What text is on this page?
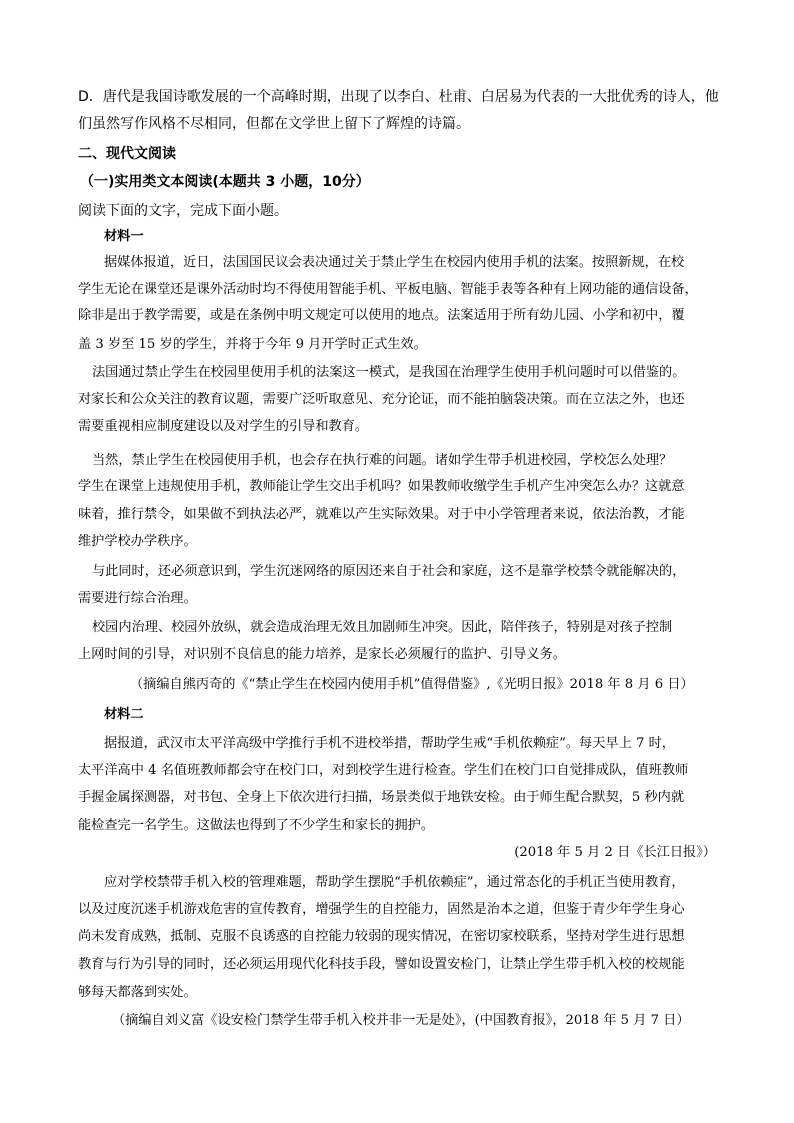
D．唐代是我国诗歌发展的一个高峰时期，出现了以李白、杜甫、白居易为代表的一大批优秀的诗人，他
们虽然写作风格不尽相同，但都在文学世上留下了辉煌的诗篇。
二、现代文阅读
（一)实用类文本阅读(本题共 3 小题，10分）
阅读下面的文字，完成下面小题。
材料一
据媒体报道，近日，法国国民议会表决通过关于禁止学生在校园内使用手机的法案。按照新规，在校
学生无论在课堂还是课外活动时均不得使用智能手机、平板电脑、智能手表等各种有上网功能的通信设备，
除非是出于教学需要，或是在条例中明文规定可以使用的地点。法案适用于所有幼儿园、小学和初中，覆
盖 3 岁至 15 岁的学生，并将于今年 9 月开学时正式生效。
法国通过禁止学生在校园里使用手机的法案这一模式，是我国在治理学生使用手机问题时可以借鉴的。
对家长和公众关注的教育议题，需要广泛听取意见、充分论证，而不能拍脑袋决策。而在立法之外，也还
需要重视相应制度建设以及对学生的引导和教育。
当然，禁止学生在校园使用手机，也会存在执行难的问题。诸如学生带手机进校园，学校怎么处理？
学生在课堂上违规使用手机，教师能让学生交出手机吗？如果教师收缴学生手机产生冲突怎么办？这就意
味着，推行禁令，如果做不到执法必严，就难以产生实际效果。对于中小学管理者来说，依法治教，才能
维护学校办学秩序。
与此同时，还必须意识到，学生沉迷网络的原因还来自于社会和家庭，这不是靠学校禁令就能解决的，
需要进行综合治理。
校园内治理、校园外放纵，就会造成治理无效且加剧师生冲突。因此，陪伴孩子，特别是对孩子控制
上网时间的引导，对识别不良信息的能力培养，是家长必须履行的监护、引导义务。
（摘编自熊丙奇的《“禁止学生在校园内使用手机”值得借鉴》,《光明日报》2018 年 8 月 6 日）
材料二
据报道，武汉市太平洋高级中学推行手机不进校举措，帮助学生戒“手机依赖症”。每天早上 7 时，
太平洋高中 4 名值班教师都会守在校门口，对到校学生进行检查。学生们在校门口自觉排成队，值班教师
手握金属探测器，对书包、全身上下依次进行扫描，场景类似于地铁安检。由于师生配合默契，5 秒内就
能检查完一名学生。这做法也得到了不少学生和家长的拥护。
(2018 年 5 月 2 日《长江日报》）
应对学校禁带手机入校的管理难题，帮助学生摆脱“手机依赖症”，通过常态化的手机正当使用教育，
以及过度沉迷手机游戏危害的宣传教育，增强学生的自控能力，固然是治本之道，但鉴于青少年学生身心
尚未发育成熟，抵制、克服不良诱惑的自控能力较弱的现实情况，在密切家校联系，坚持对学生进行思想
教育与行为引导的同时，还必须运用现代化科技手段，譬如设置安检门，让禁止学生带手机入校的校规能
够每天都落到实处。
（摘编自刘义富《设安检门禁学生带手机入校并非一无是处》，(中国教育报》，2018 年 5 月 7 日）
